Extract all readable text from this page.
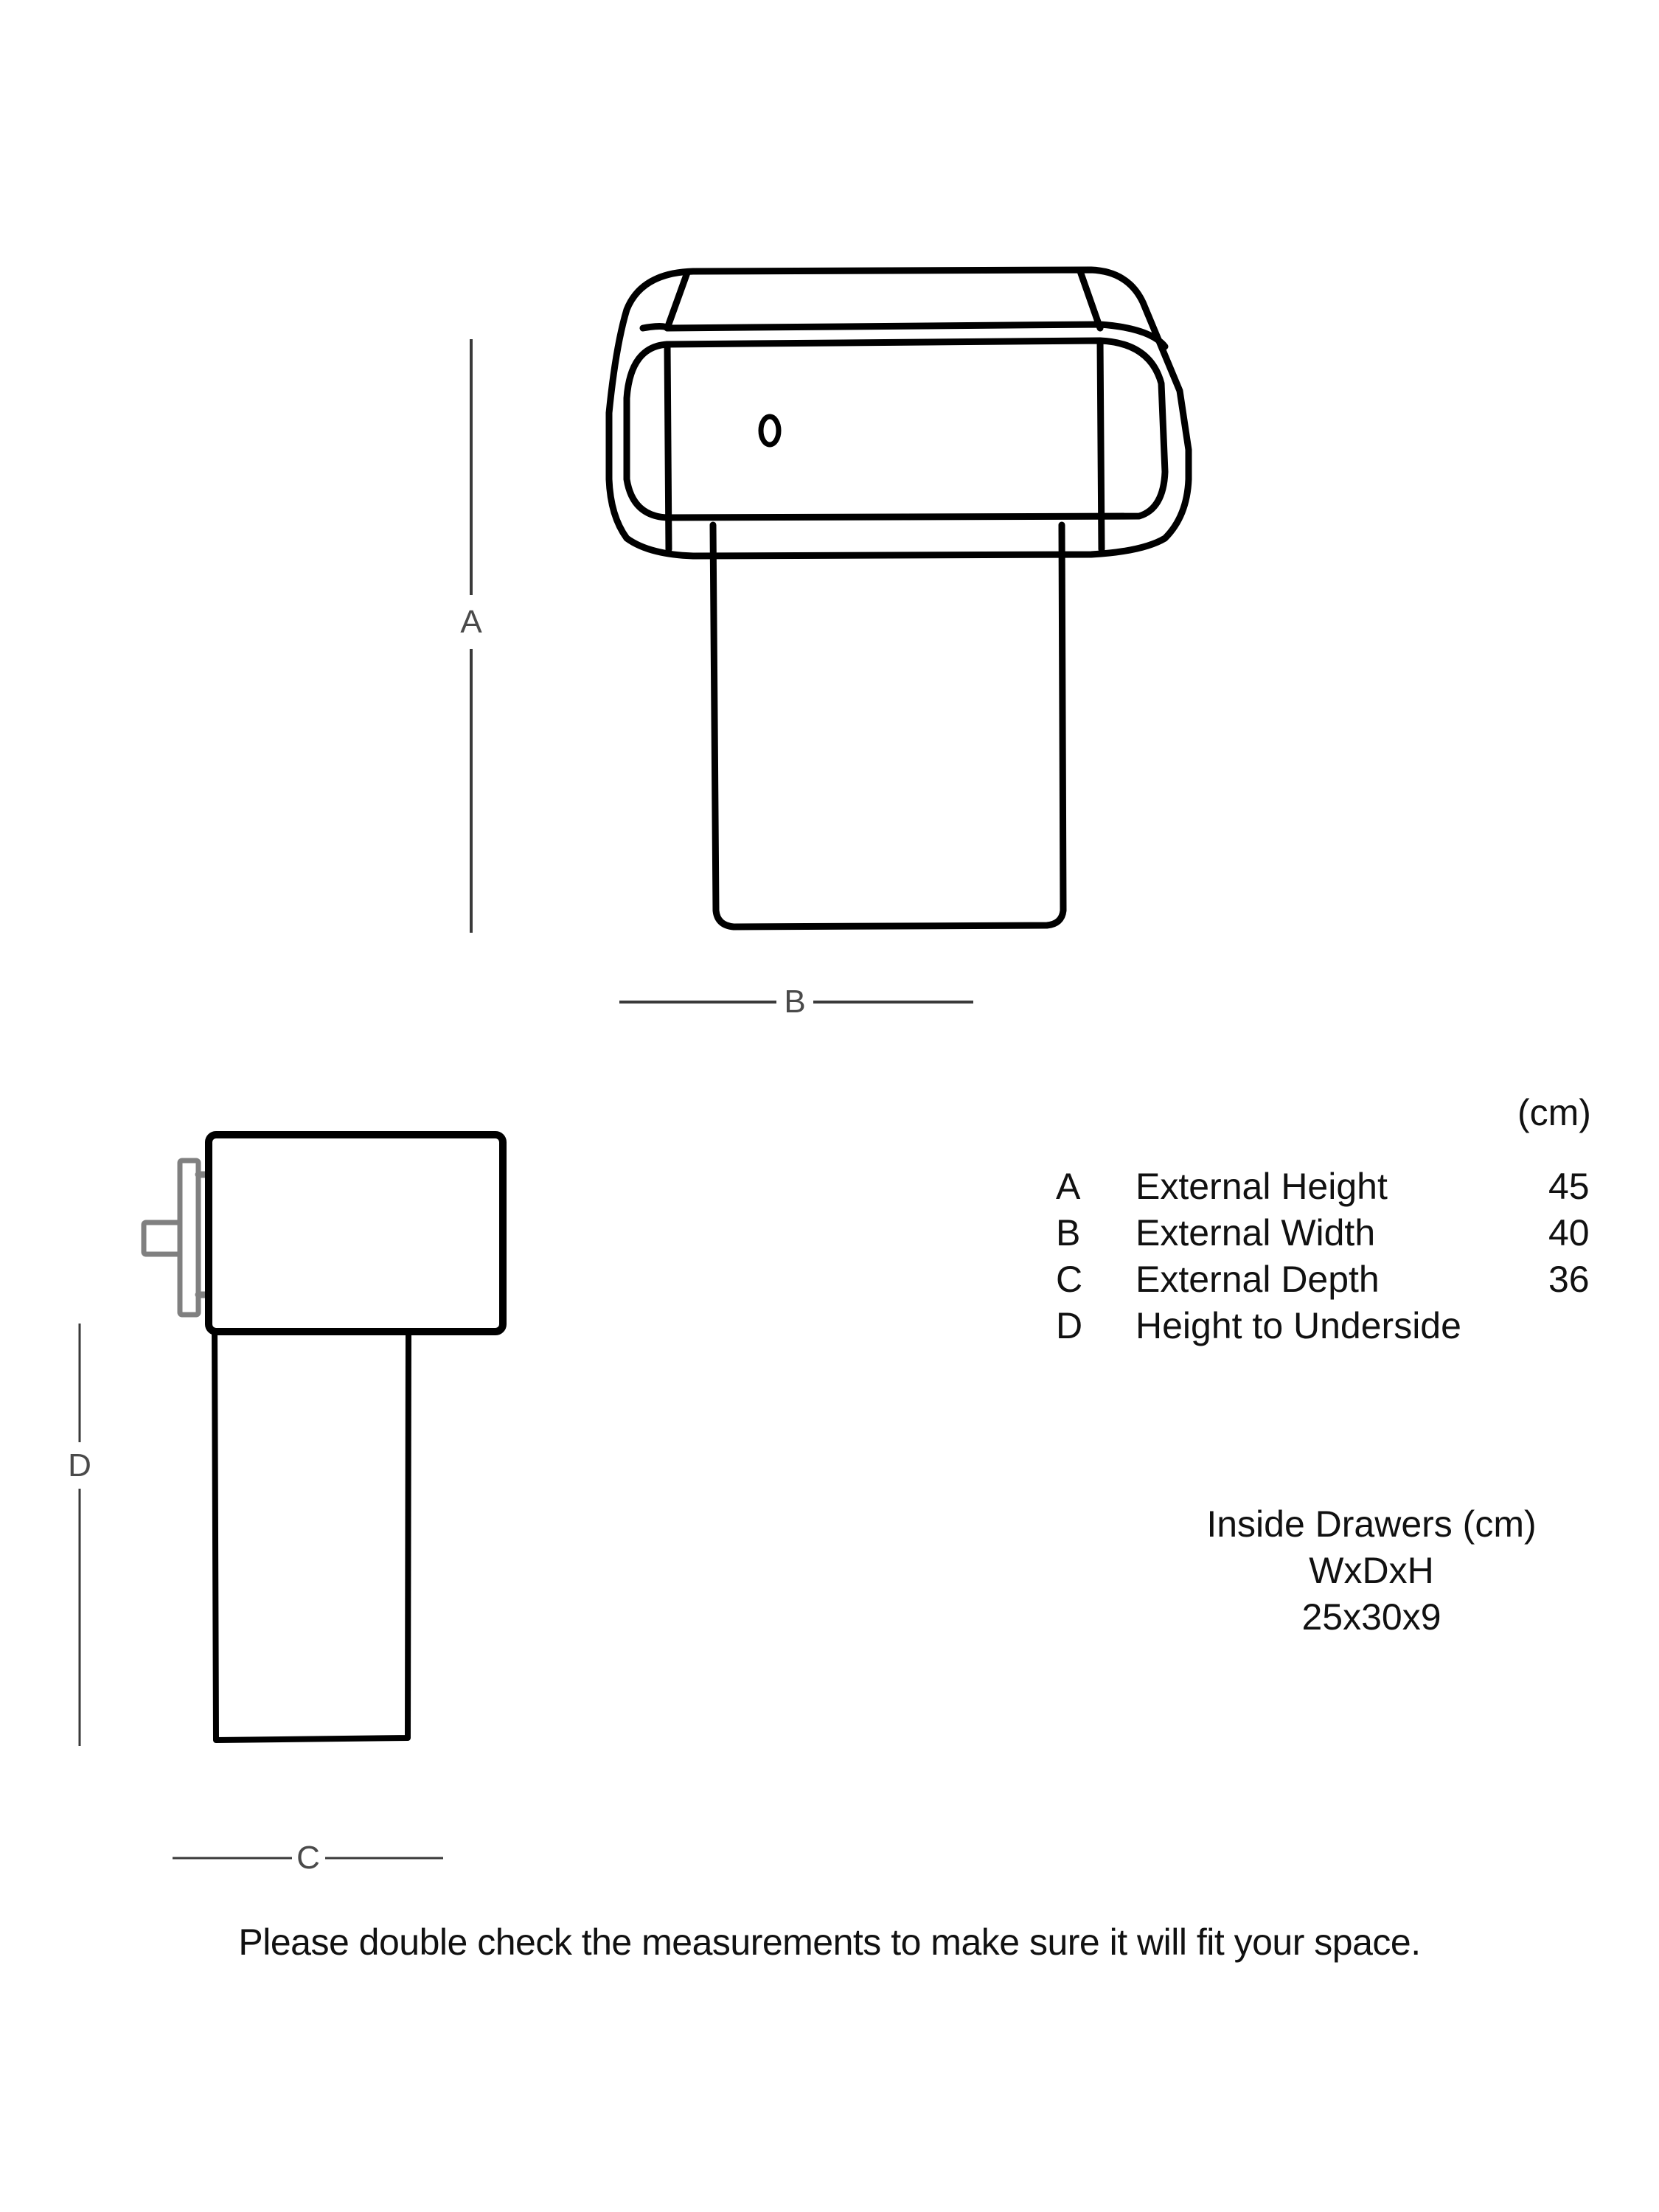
A
B
D
C
(cm)
A	External Height	45
B	External Width	40
C	External Depth	36
D	Height to Underside	
Inside Drawers (cm)
WxDxH
25x30x9
Please double check the measurements to make sure it will fit your space.
